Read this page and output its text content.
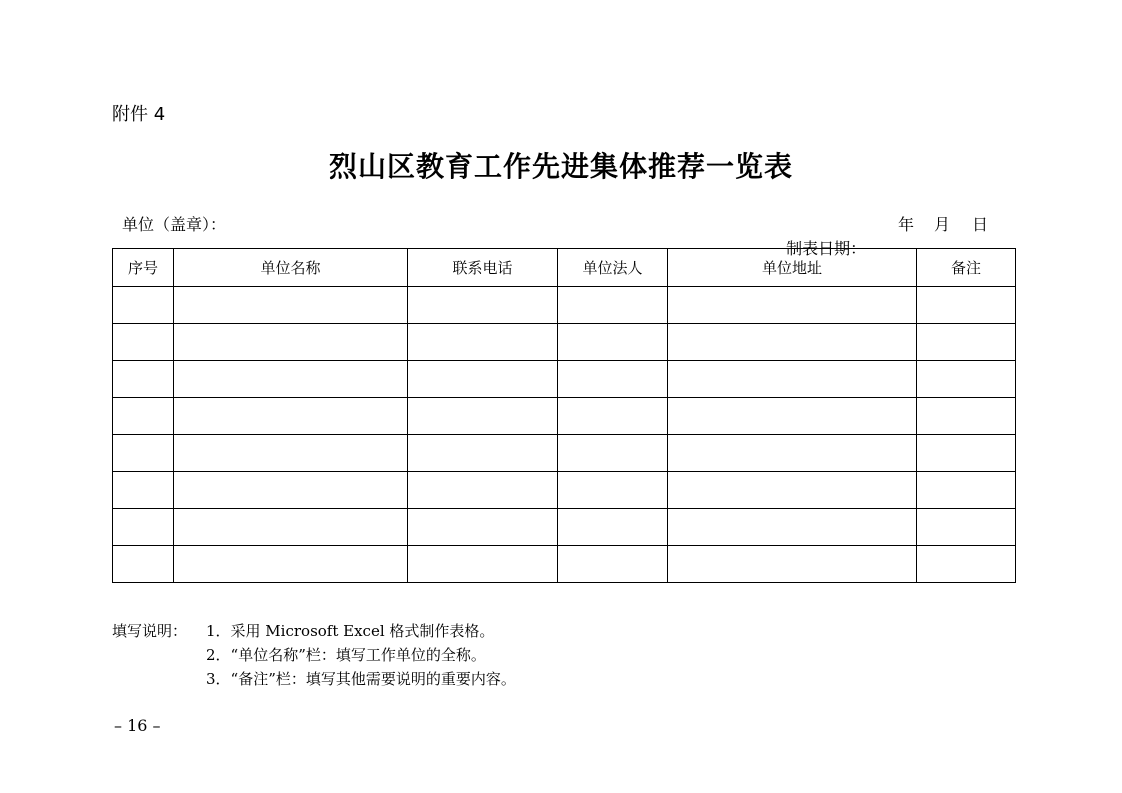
附件 4
烈山区教育工作先进集体推荐一览表
单位（盖章）：

制表日期：

年

月

日

序号	单位名称	联系电话	单位法人	单位地址	备注

填写说明： 1．采用 Microsoft Excel 格式制作表格。
2．“单位名称”栏：填写工作单位的全称。
3．“备注”栏：填写其他需要说明的重要内容。
– 16 –
